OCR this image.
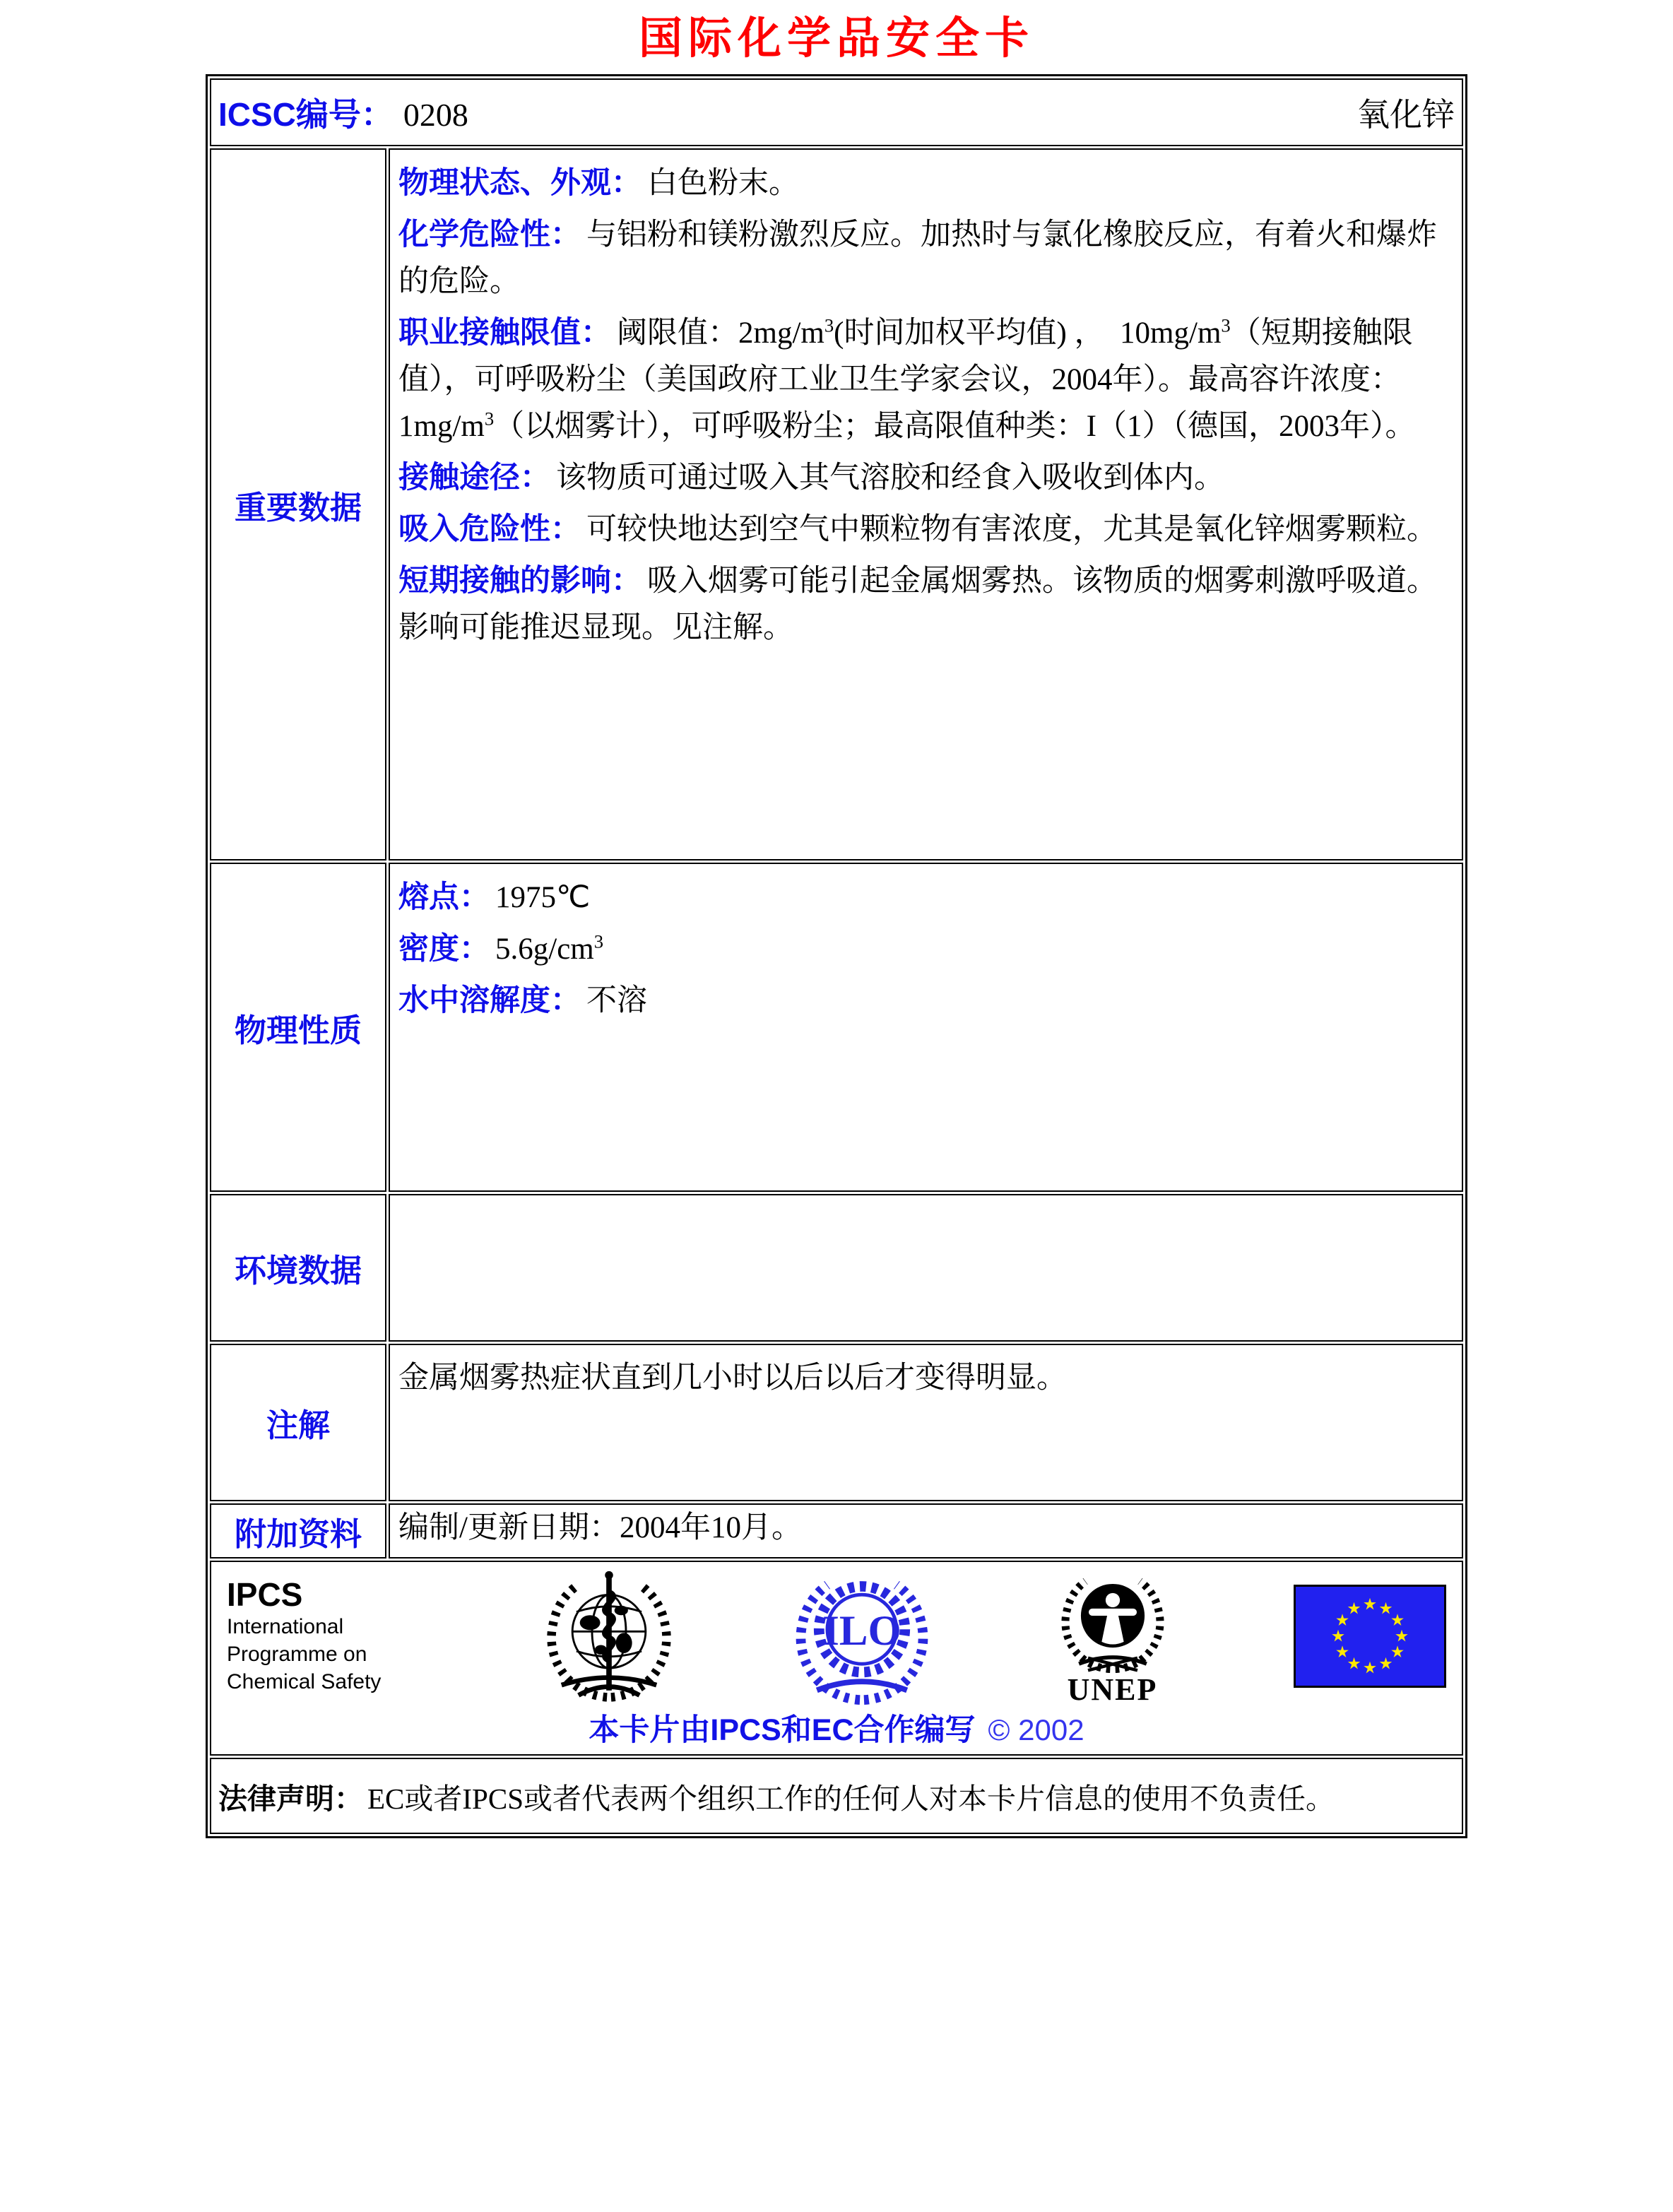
国际化学品安全卡
ICSC编号： 0208 氧化锌	

重要数据	

物理状态、外观： 白色粉末。

化学危险性： 与铝粉和镁粉激烈反应。加热时与氯化橡胶反应，有着火和爆炸的危险。

职业接触限值： 阈限值：$2mg/m^3$(时间加权平均值) ，　$10mg/m^3$（短期接触限值），可呼吸粉尘（美国政府工业卫生学家会议，2004年）。最高容许浓度：$1mg/m^3$（以烟雾计），可呼吸粉尘；最高限值种类：I（1）（德国，2003年）。

接触途径： 该物质可通过吸入其气溶胶和经食入吸收到体内。

吸入危险性： 可较快地达到空气中颗粒物有害浓度，尤其是氧化锌烟雾颗粒。

短期接触的影响： 吸入烟雾可能引起金属烟雾热。该物质的烟雾刺激呼吸道。影响可能推迟显现。见注解。

物理性质	熔点： 1975℃

密度： $5.6g/cm^3$

水中溶解度： 不溶

环境数据	
注解	金属烟雾热症状直到几小时以后以后才变得明显。

附加资料	编制/更新日期：2004年10月。

IPCS
International
Programme on
Chemical Safety
ILO
UNEP
本卡片由IPCS和EC合作编写 © 2002

法律声明： EC或者IPCS或者代表两个组织工作的任何人对本卡片信息的使用不负责任。	
